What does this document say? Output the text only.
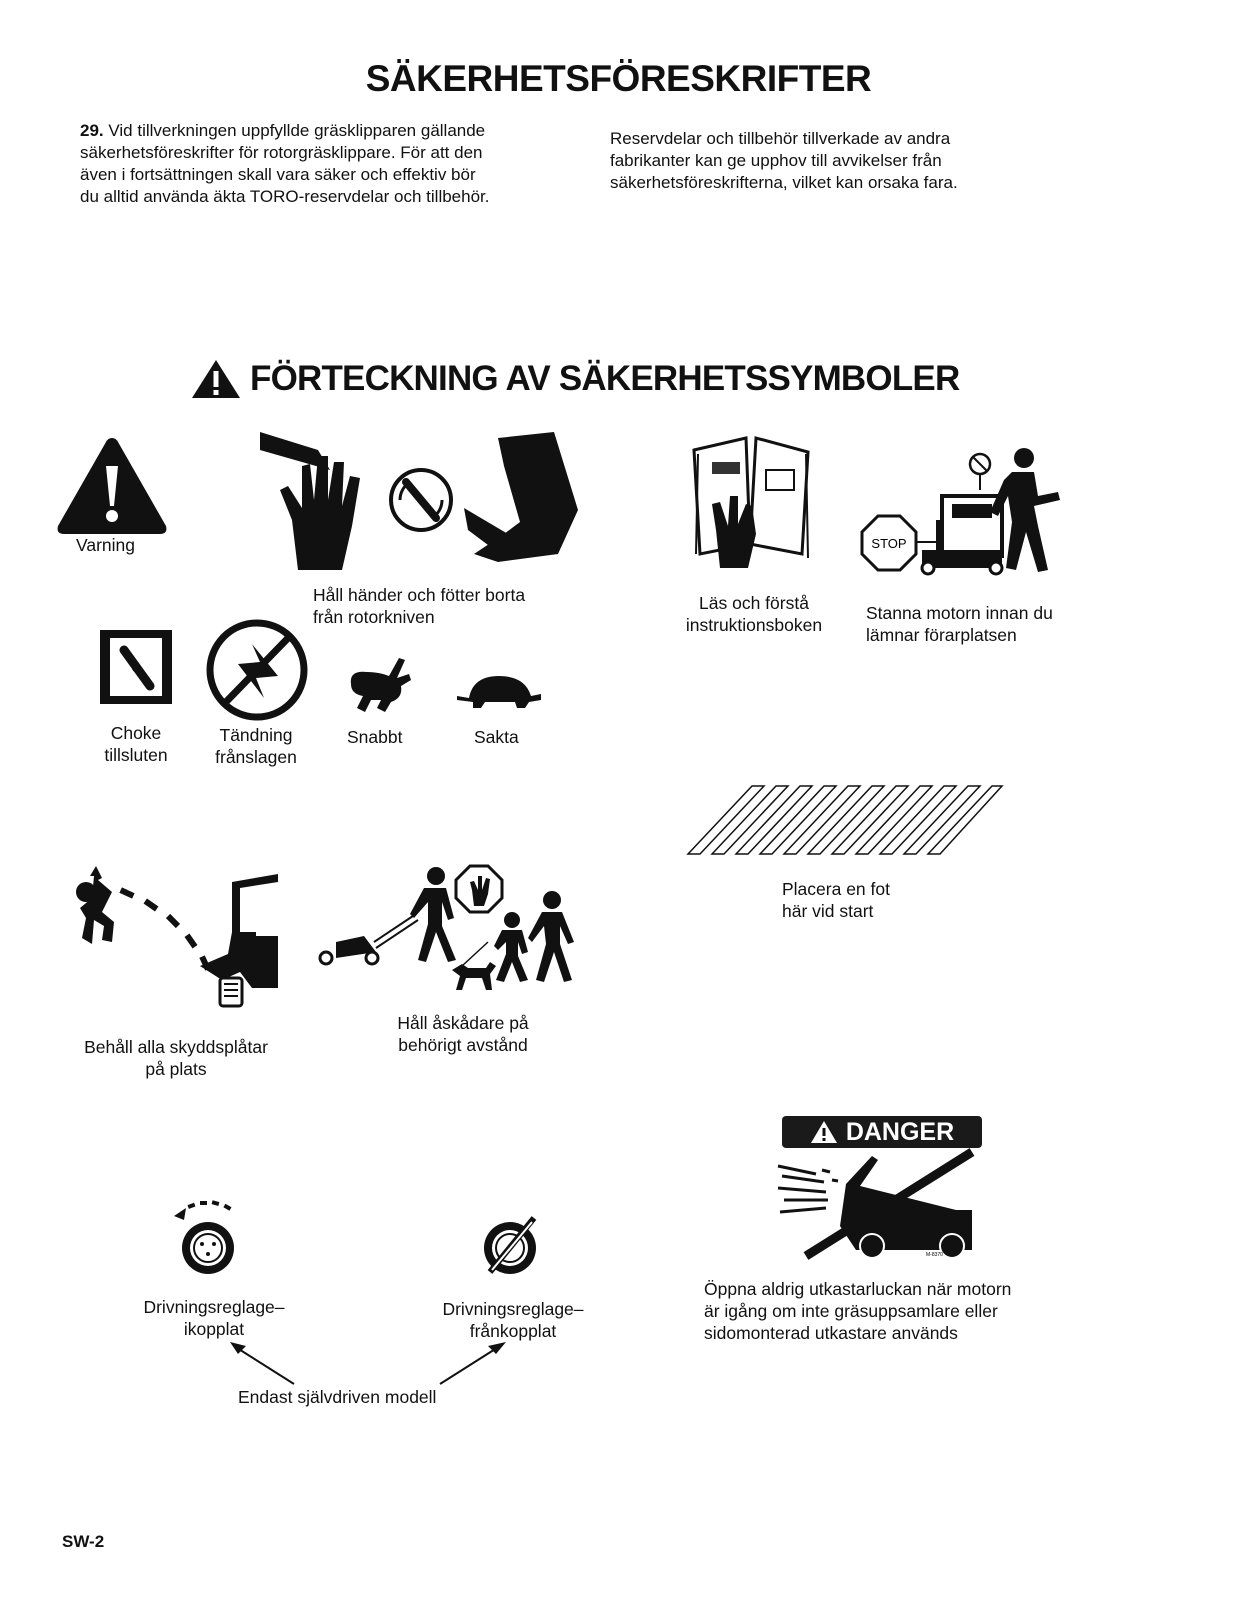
SÄKERHETSFÖRESKRIFTER
29. Vid tillverkningen uppfyllde gräsklipparen gällande
säkerhetsföreskrifter för rotorgräsklippare. För att den
även i fortsättningen skall vara säker och effektiv bör
du alltid använda äkta TORO-reservdelar och tillbehör.
Reservdelar och tillbehör tillverkade av andra
fabrikanter kan ge upphov till avvikelser från
säkerhetsföreskrifterna, vilket kan orsaka fara.
FÖRTECKNING AV SÄKERHETSSYMBOLER
Varning
Håll händer och fötter borta
från rotorkniven
Läs och förstå
instruktionsboken
STOP
Stanna motorn innan du
lämnar förarplatsen
Choke
tillsluten
Tändning
frånslagen
Snabbt	Sakta
Placera en fot
här vid start
Behåll alla skyddsplåtar
på plats
Håll åskådare på
behörigt avstånd
DANGER
M-8370
Öppna aldrig utkastarluckan när motorn
är igång om inte gräsuppsamlare eller
sidomonterad utkastare används
Drivningsreglage–
ikopplat
Drivningsreglage–
frånkopplat
Endast självdriven modell
SW-2
